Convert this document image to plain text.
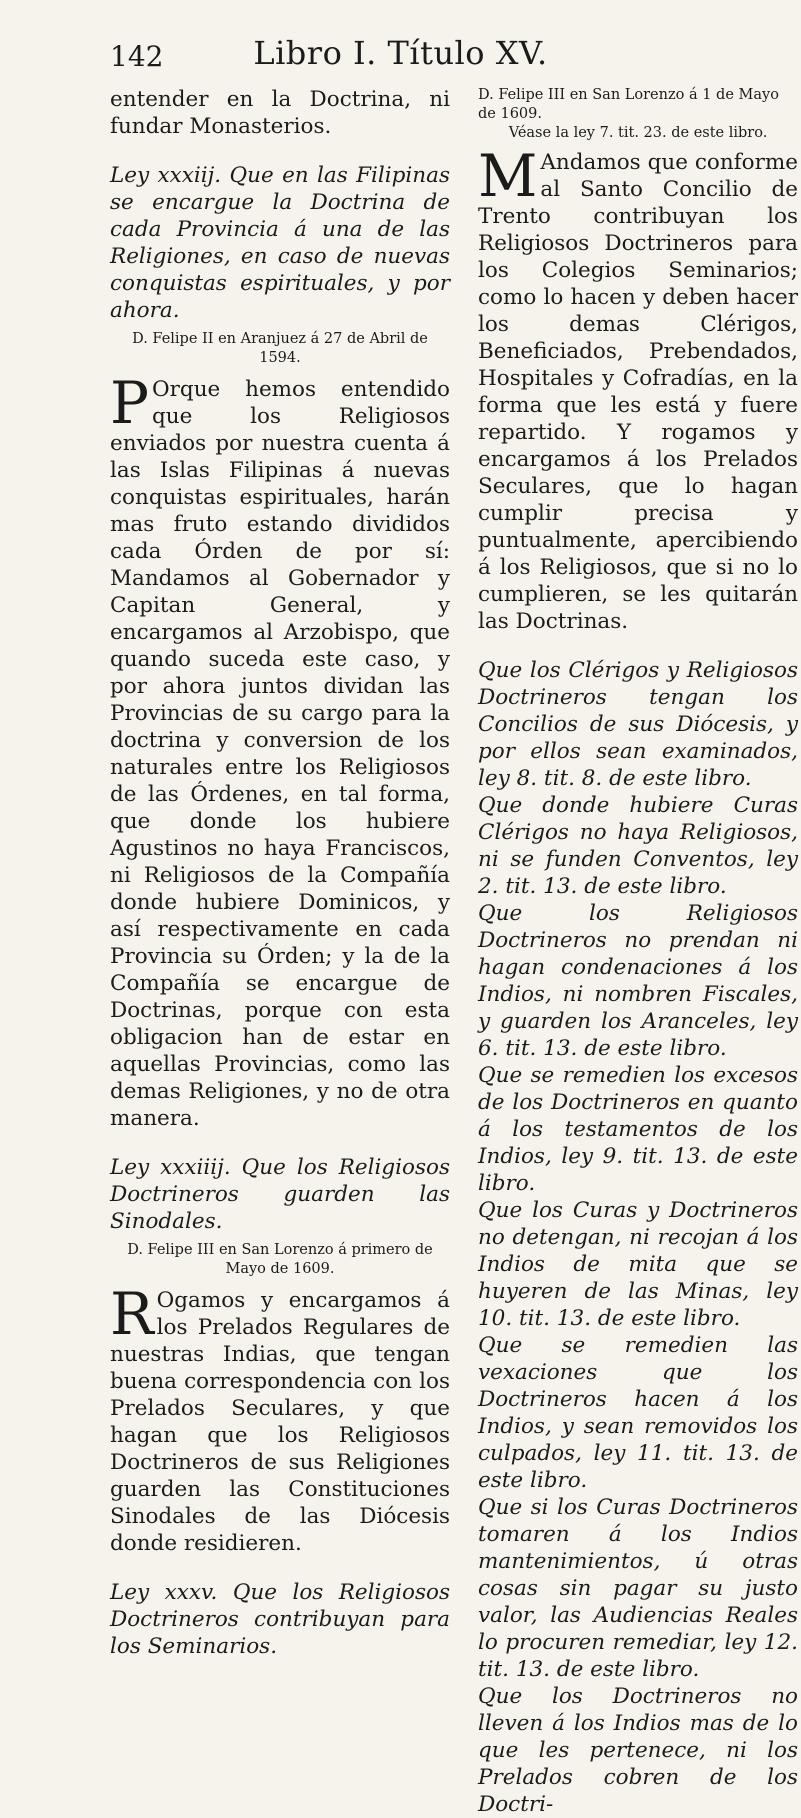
142	Libro I. Título XV.

entender en la Doctrina, ni fundar Monasterios.

Ley xxxiij. Que en las Filipinas se encargue la Doctrina de cada Provincia á una de las Religiones, en caso de nuevas conquistas espirituales, y por ahora.

D. Felipe II en Aranjuez á 27 de Abril de 1594.

P Orque hemos entendido que los Religiosos enviados por nuestra cuenta á las Islas Filipinas á nuevas conquistas espirituales, harán mas fruto estando divididos cada Órden de por sí: Mandamos al Gobernador y Capitan General, y encargamos al Arzobispo, que quando suceda este caso, y por ahora juntos dividan las Provincias de su cargo para la doctrina y conversion de los naturales entre los Religiosos de las Órdenes, en tal forma, que donde los hubiere Agustinos no haya Franciscos, ni Religiosos de la Compañía donde hubiere Dominicos, y así respectivamente en cada Provincia su Órden; y la de la Compañía se encargue de Doctrinas, porque con esta obligacion han de estar en aquellas Provincias, como las demas Religiones, y no de otra manera.

Ley xxxiiij. Que los Religiosos Doctrineros guarden las Sinodales.

D. Felipe III en San Lorenzo á primero de Mayo de 1609.

R Ogamos y encargamos á los Prelados Regulares de nuestras Indias, que tengan buena correspondencia con los Prelados Seculares, y que hagan que los Religiosos Doctrineros de sus Religiones guarden las Constituciones Sinodales de las Diócesis donde residieren.

Ley xxxv. Que los Religiosos Doctrineros contribuyan para los Seminarios.

D. Felipe III en San Lorenzo á 1 de Mayo de 1609.
Véase la ley 7. tit. 23. de este libro.

M Andamos que conforme al Santo Concilio de Trento contribuyan los Religiosos Doctrineros para los Colegios Seminarios; como lo hacen y deben hacer los demas Clérigos, Beneficiados, Prebendados, Hospitales y Cofradías, en la forma que les está y fuere repartido. Y rogamos y encargamos á los Prelados Seculares, que lo hagan cumplir precisa y puntualmente, apercibiendo á los Religiosos, que si no lo cumplieren, se les quitarán las Doctrinas.

Que los Clérigos y Religiosos Doctrineros tengan los Concilios de sus Diócesis, y por ellos sean examinados, ley 8. tit. 8. de este libro.

Que donde hubiere Curas Clérigos no haya Religiosos, ni se funden Conventos, ley 2. tit. 13. de este libro.

Que los Religiosos Doctrineros no prendan ni hagan condenaciones á los Indios, ni nombren Fiscales, y guarden los Aranceles, ley 6. tit. 13. de este libro.

Que se remedien los excesos de los Doctrineros en quanto á los testamentos de los Indios, ley 9. tit. 13. de este libro.

Que los Curas y Doctrineros no detengan, ni recojan á los Indios de mita que se huyeren de las Minas, ley 10. tit. 13. de este libro.

Que se remedien las vexaciones que los Doctrineros hacen á los Indios, y sean removidos los culpados, ley 11. tit. 13. de este libro.

Que si los Curas Doctrineros tomaren á los Indios mantenimientos, ú otras cosas sin pagar su justo valor, las Audiencias Reales lo procuren remediar, ley 12. tit. 13. de este libro.

Que los Doctrineros no lleven á los Indios mas de lo que les pertenece, ni los Prelados cobren de los Doctri-
